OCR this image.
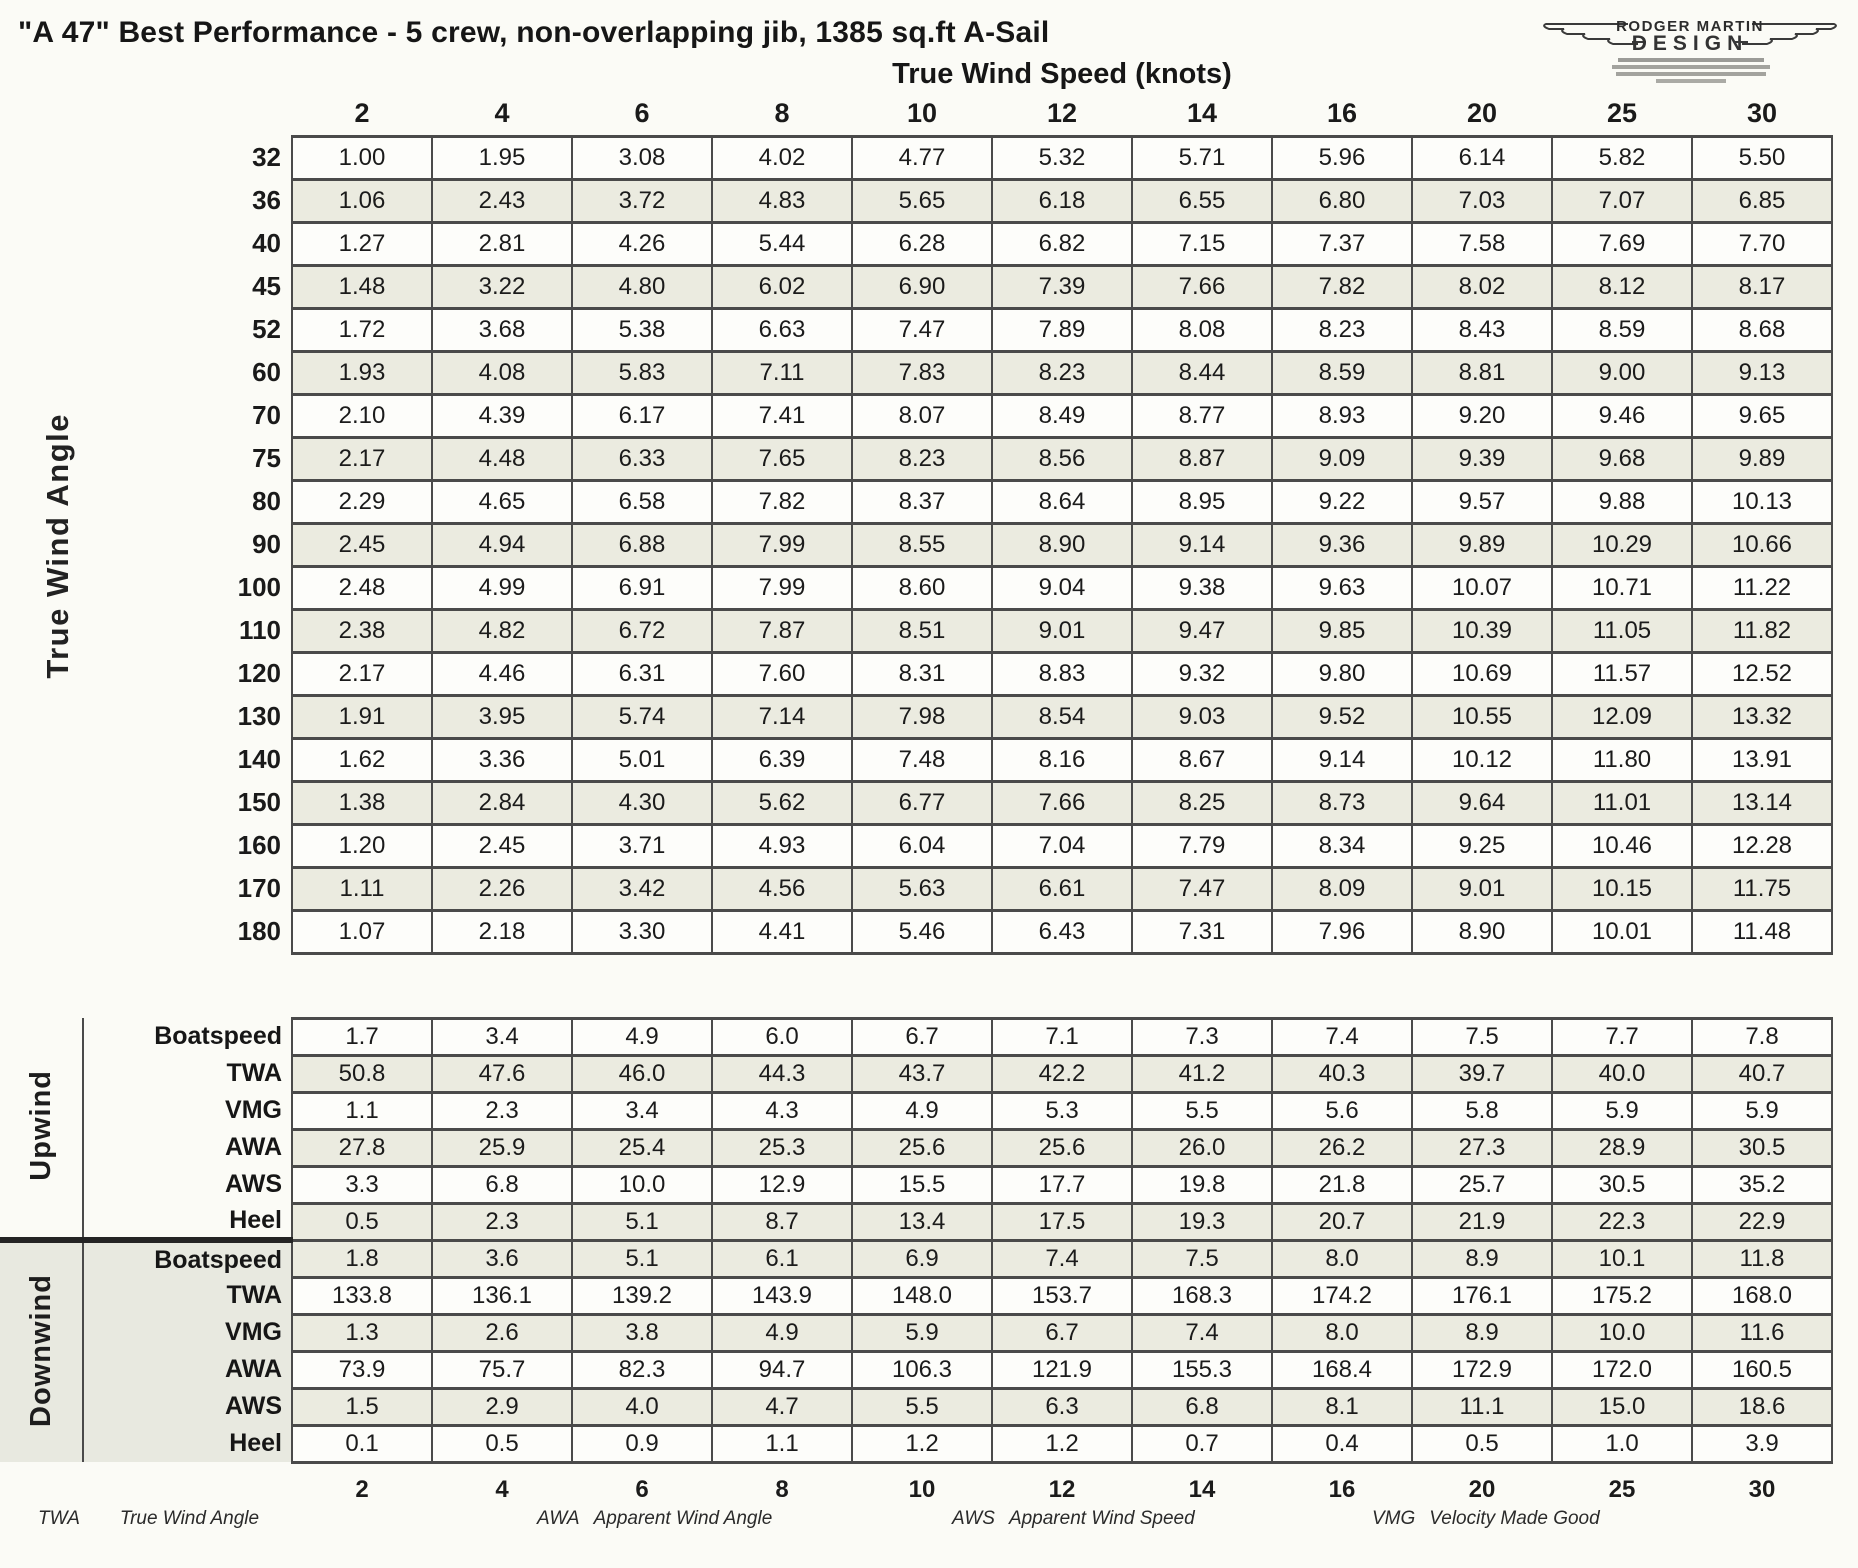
"A 47" Best Performance - 5 crew, non-overlapping jib, 1385 sq.ft A-Sail	RODGER MARTIN
DESIGN
True Wind Speed (knots)
True Wind Angle
	2	4	6	8	10	12	14	16	20	25	30
32	1.00	1.95	3.08	4.02	4.77	5.32	5.71	5.96	6.14	5.82	5.50
36	1.06	2.43	3.72	4.83	5.65	6.18	6.55	6.80	7.03	7.07	6.85
40	1.27	2.81	4.26	5.44	6.28	6.82	7.15	7.37	7.58	7.69	7.70
45	1.48	3.22	4.80	6.02	6.90	7.39	7.66	7.82	8.02	8.12	8.17
52	1.72	3.68	5.38	6.63	7.47	7.89	8.08	8.23	8.43	8.59	8.68
60	1.93	4.08	5.83	7.11	7.83	8.23	8.44	8.59	8.81	9.00	9.13
70	2.10	4.39	6.17	7.41	8.07	8.49	8.77	8.93	9.20	9.46	9.65
75	2.17	4.48	6.33	7.65	8.23	8.56	8.87	9.09	9.39	9.68	9.89
80	2.29	4.65	6.58	7.82	8.37	8.64	8.95	9.22	9.57	9.88	10.13
90	2.45	4.94	6.88	7.99	8.55	8.90	9.14	9.36	9.89	10.29	10.66
100	2.48	4.99	6.91	7.99	8.60	9.04	9.38	9.63	10.07	10.71	11.22
110	2.38	4.82	6.72	7.87	8.51	9.01	9.47	9.85	10.39	11.05	11.82
120	2.17	4.46	6.31	7.60	8.31	8.83	9.32	9.80	10.69	11.57	12.52
130	1.91	3.95	5.74	7.14	7.98	8.54	9.03	9.52	10.55	12.09	13.32
140	1.62	3.36	5.01	6.39	7.48	8.16	8.67	9.14	10.12	11.80	13.91
150	1.38	2.84	4.30	5.62	6.77	7.66	8.25	8.73	9.64	11.01	13.14
160	1.20	2.45	3.71	4.93	6.04	7.04	7.79	8.34	9.25	10.46	12.28
170	1.11	2.26	3.42	4.56	5.63	6.61	7.47	8.09	9.01	10.15	11.75
180	1.07	2.18	3.30	4.41	5.46	6.43	7.31	7.96	8.90	10.01	11.48
Upwind	Boatspeed	1.7	3.4	4.9	6.0	6.7	7.1	7.3	7.4	7.5	7.7	7.8
	TWA	50.8	47.6	46.0	44.3	43.7	42.2	41.2	40.3	39.7	40.0	40.7
	VMG	1.1	2.3	3.4	4.3	4.9	5.3	5.5	5.6	5.8	5.9	5.9
	AWA	27.8	25.9	25.4	25.3	25.6	25.6	26.0	26.2	27.3	28.9	30.5
	AWS	3.3	6.8	10.0	12.9	15.5	17.7	19.8	21.8	25.7	30.5	35.2
	Heel	0.5	2.3	5.1	8.7	13.4	17.5	19.3	20.7	21.9	22.3	22.9
Downwind	Boatspeed	1.8	3.6	5.1	6.1	6.9	7.4	7.5	8.0	8.9	10.1	11.8
	TWA	133.8	136.1	139.2	143.9	148.0	153.7	168.3	174.2	176.1	175.2	168.0
	VMG	1.3	2.6	3.8	4.9	5.9	6.7	7.4	8.0	8.9	10.0	11.6
	AWA	73.9	75.7	82.3	94.7	106.3	121.9	155.3	168.4	172.9	172.0	160.5
	AWS	1.5	2.9	4.0	4.7	5.5	6.3	6.8	8.1	11.1	15.0	18.6
	Heel	0.1	0.5	0.9	1.1	1.2	1.2	0.7	0.4	0.5	1.0	3.9
		2	4	6	8	10	12	14	16	20	25	30
TWA True Wind Angle	AWA Apparent Wind Angle	AWS Apparent Wind Speed	VMG Velocity Made Good
